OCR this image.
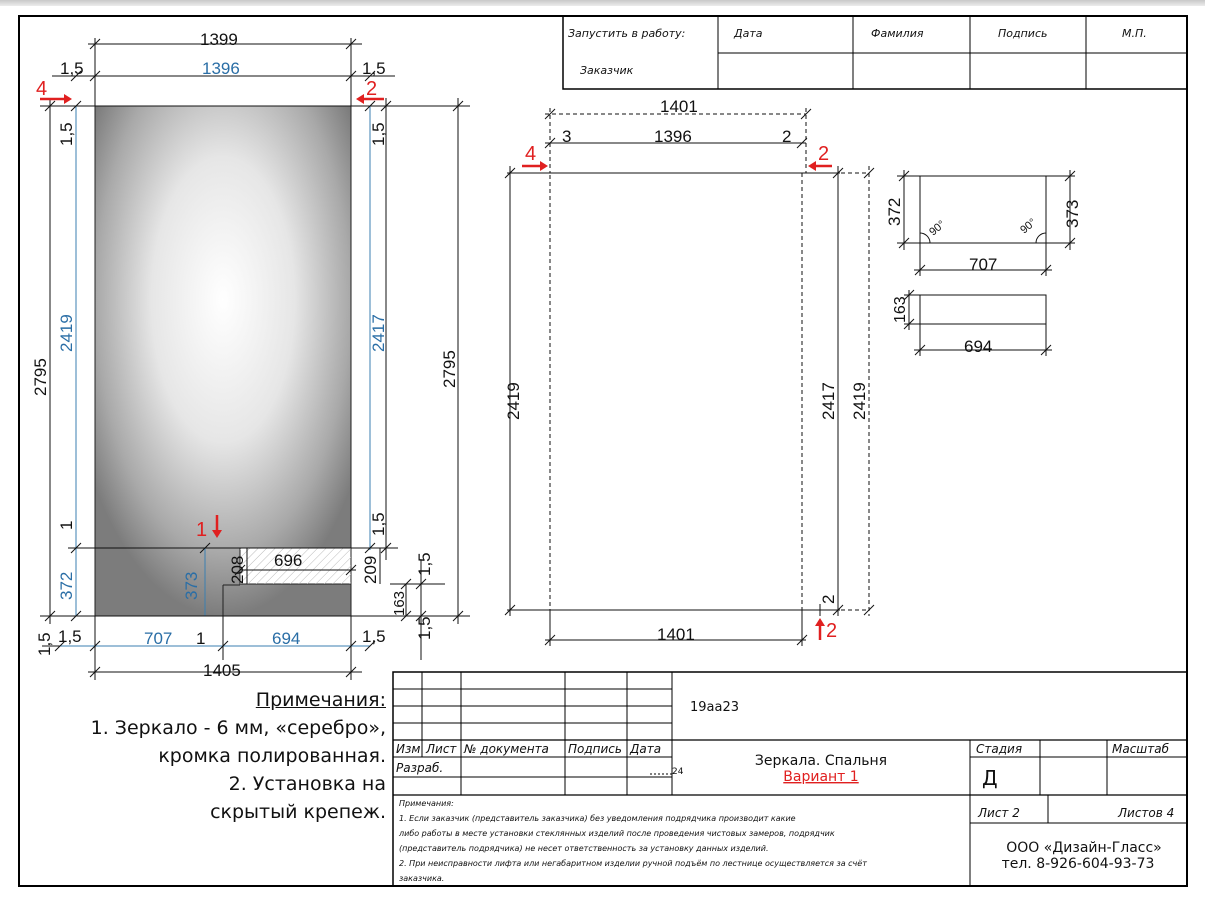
Запустить в работу:
Заказчик
Дата	Фамилия	Подпись	М.П.
1399
1396
1,5	1,5
4	2
1,5	1,5
2795	2795
2419	2417
1	1,5
372	373
208	209
696	1,5
163
1,5
1,5 1,5	707 1	694	1,5
1405
1
1401
3	1396	2
4	2
2419	2417 2419
2
1401	2
372	373
90°	90°
707
163
694
19аа23
Изм Лист № документа Подпись Дата
Разраб.	24
Зеркала. Спальня
Вариант 1
Стадия	Масштаб
Д
Лист 2	Листов 4
ООО «Дизайн-Гласс»
тел. 8-926-604-93-73
Примечания:
1. Если заказчик (представитель заказчика) без уведомления подрядчика производит какие
либо работы в месте установки стеклянных изделий после проведения чистовых замеров, подрядчик
(представитель подрядчика) не несет ответственность за установку данных изделий.
2. При неисправности лифта или негабаритном изделии ручной подъём по лестнице осуществляется за счёт
заказчика.
Примечания:
1. Зеркало - 6 мм, «серебро»,
кромка полированная.
2. Установка на
скрытый крепеж.
